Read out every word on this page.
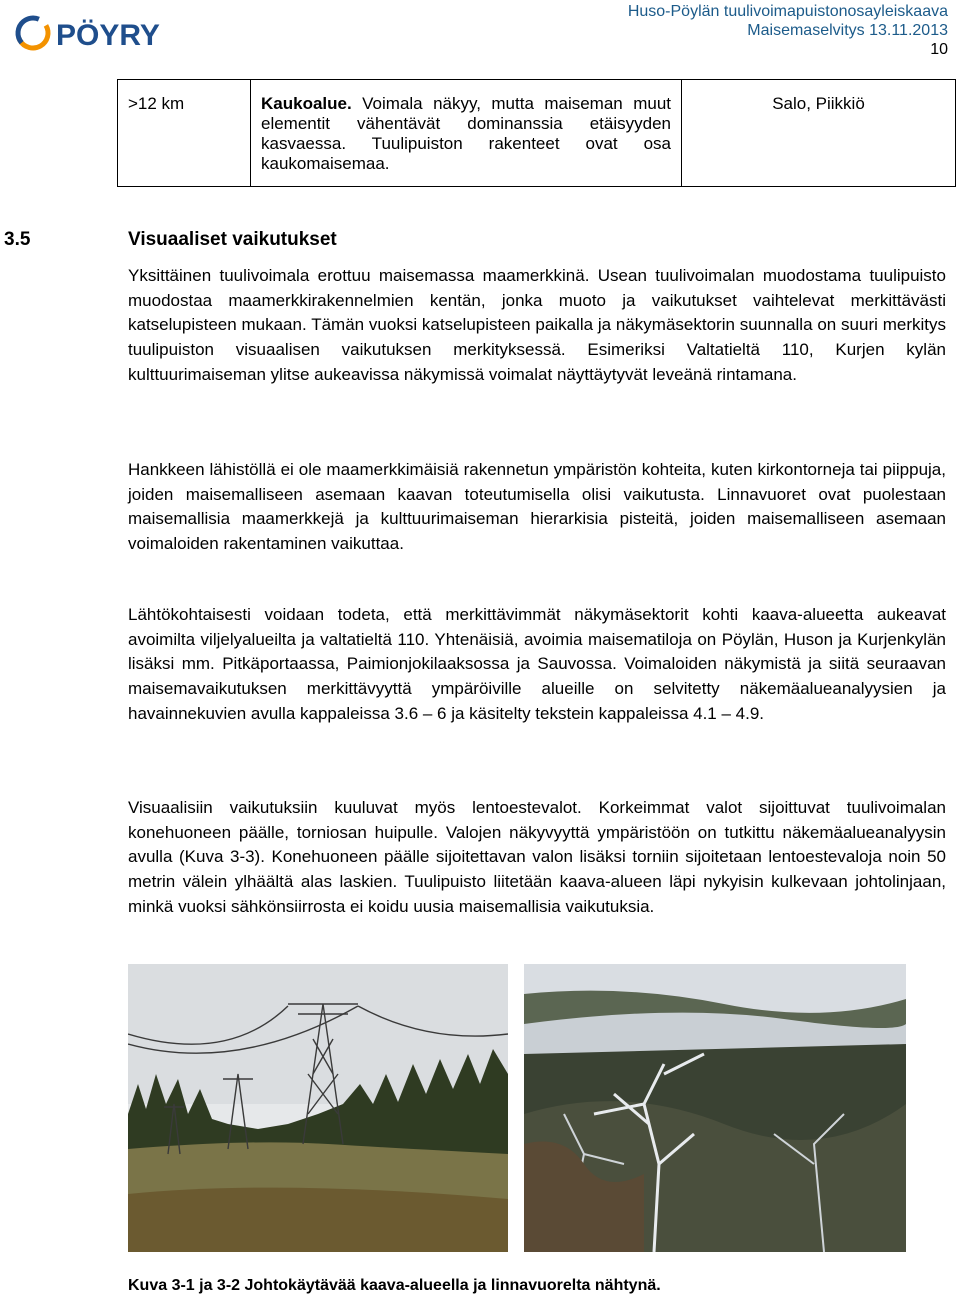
PÖYRY
Huso-Pöylän tuulivoimapuistonosayleiskaava
Maisemaselvitys 13.11.2013
10
>12 km	Kaukoalue. Voimala näkyy, mutta maiseman muut elementit vähentävät dominanssia etäisyyden kasvaessa. Tuulipuiston rakenteet ovat osa kaukomaisemaa.	Salo, Piikkiö
3.5	Visuaaliset vaikutukset

Yksittäinen tuulivoimala erottuu maisemassa maamerkkinä. Usean tuulivoimalan muodostama tuulipuisto muodostaa maamerkkirakennelmien kentän, jonka muoto ja vaikutukset vaihtelevat merkittävästi katselupisteen mukaan. Tämän vuoksi katselupisteen paikalla ja näkymäsektorin suunnalla on suuri merkitys tuulipuiston visuaalisen vaikutuksen merkityksessä. Esimeriksi Valtatieltä 110, Kurjen kylän kulttuurimaiseman ylitse aukeavissa näkymissä voimalat näyttäytyvät leveänä rintamana.

Hankkeen lähistöllä ei ole maamerkkimäisiä rakennetun ympäristön kohteita, kuten kirkontorneja tai piippuja, joiden maisemalliseen asemaan kaavan toteutumisella olisi vaikutusta. Linnavuoret ovat puolestaan maisemallisia maamerkkejä ja kulttuurimaiseman hierarkisia pisteitä, joiden maisemalliseen asemaan voimaloiden rakentaminen vaikuttaa.

Lähtökohtaisesti voidaan todeta, että merkittävimmät näkymäsektorit kohti kaava-alueetta aukeavat avoimilta viljelyalueilta ja valtatieltä 110. Yhtenäisiä, avoimia maisematiloja on Pöylän, Huson ja Kurjenkylän lisäksi mm. Pitkäportaassa, Paimionjokilaaksossa ja Sauvossa. Voimaloiden näkymistä ja siitä seuraavan maisemavaikutuksen merkittävyyttä ympäröiville alueille on selvitetty näkemäalueanalyysien ja havainnekuvien avulla kappaleissa 3.6 – 6 ja käsitelty tekstein kappaleissa 4.1 – 4.9.

Visuaalisiin vaikutuksiin kuuluvat myös lentoestevalot. Korkeimmat valot sijoittuvat tuulivoimalan konehuoneen päälle, torniosan huipulle. Valojen näkyvyyttä ympäristöön on tutkittu näkemäalueanalyysin avulla (Kuva 3-3). Konehuoneen päälle sijoitettavan valon lisäksi torniin sijoitetaan lentoestevaloja noin 50 metrin välein ylhäältä alas laskien. Tuulipuisto liitetään kaava-alueen läpi nykyisin kulkevaan johtolinjaan, minkä vuoksi sähkönsiirrosta ei koidu uusia maisemallisia vaikutuksia.

Kuva 3-1 ja 3-2 Johtokäytävää kaava-alueella ja linnavuorelta nähtynä.
